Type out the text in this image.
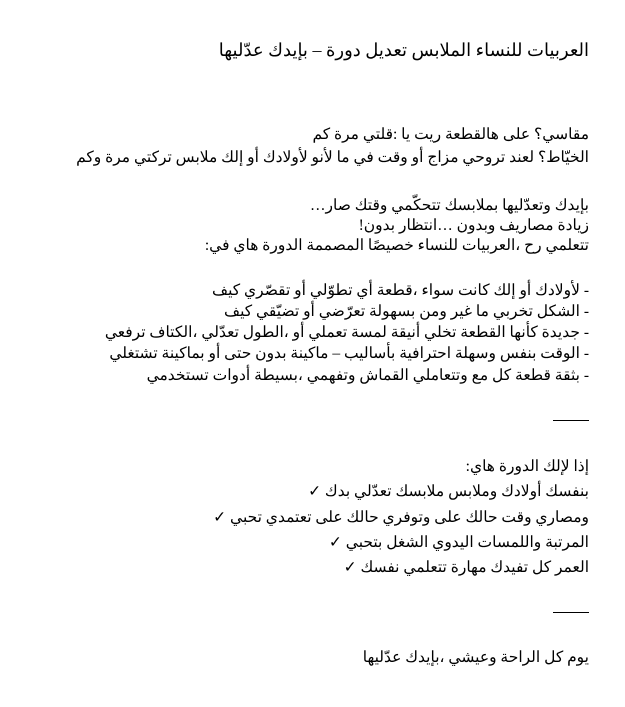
العربيات للنساء الملابس تعديل دورة – بإيدك عدّليها
مقاسي؟ على هالقطعة ريت يا :قلتي مرة كم
الخيّاط؟ لعند تروحي مزاج أو وقت في ما لأنو لأولادك أو إلك ملابس تركتي مرة وكم
بإيدك وتعدّليها بملابسك تتحكّمي وقتك صار…
زيادة مصاريف وبدون …انتظار بدون!
تتعلمي رح ،العربيات للنساء خصيصًا المصممة الدورة هاي في:
- لأولادك أو إلك كانت سواء ،قطعة أي تطوّلي أو تقصّري كيف
- الشكل تخربي ما غير ومن بسهولة تعرّضي أو تضيّقي كيف
- جديدة كأنها القطعة تخلي أنيقة لمسة تعملي أو ،الطول تعدّلي ،الكتاف ترفعي
- الوقت بنفس وسهلة احترافية بأساليب – ماكينة بدون حتى أو بماكينة تشتغلي
- بثقة قطعة كل مع وتتعاملي القماش وتفهمي ،بسيطة أدوات تستخدمي
إذا لإلك الدورة هاي:
بنفسك أولادك وملابس ملابسك تعدّلي بدك ✓
ومصاري وقت حالك على وتوفري حالك على تعتمدي تحبي ✓
المرتبة واللمسات اليدوي الشغل بتحبي ✓
العمر كل تفيدك مهارة تتعلمي نفسك ✓
يوم كل الراحة وعيشي ،بإيدك عدّليها
